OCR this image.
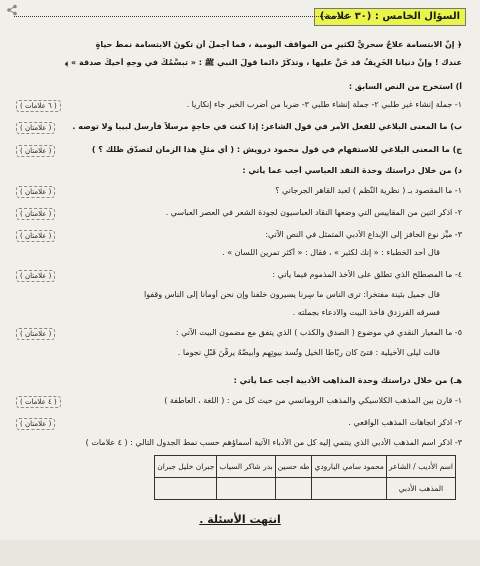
السؤال الخامس : (٣٠ علامة)
﴿ إنَّ الابتسامة علاجٌ سحريٌّ لكثيرٍ من المواقف اليومية ، فما أجملَ أن تكونَ الابتسامة نمطَ حياةٍ
عندك ! وإنْ دنيانا الخَرِيفُ قد حَنَّ عليها ، وتذكَّرْ دائماً قولَ النبي ﷺ : « تبسُّمُكَ في وجهِ أخيكَ صدقة » ﴾
أ) استخرج من النص السابق :
١- جملة إنشاء غير طلبي ٢- جملة إنشاء طلبي ٣- ضرباً من أضرب الخبر جاء إنكارياً .
( ٦ علامات )
ب) ما المعنى البلاغي للفعل الأمر في قول الشاعر: إذا كنت في حاجةٍ مرسلاً فأرسل لبيباً ولا توصه .
( علامتان )
ج) ما المعنى البلاغي للاستفهام في قول محمود درويش : ( أي مثلٍ هذا الزمان لتصدّق ظلّك ؟ )
( علامتان )
د) من خلال دراستك وحدة النقد العباسي أجب عما يأتي :
١- ما المقصود بـ ( نظرية النَّظْم ) لعبد القاهر الجرجاني ؟
( علامتان )
٢- اذكر اثنين من المقاييس التي وضعها النقاد العباسيون لجودة الشعر في العصر العباسي .
( علامتان )
٣- ميِّز نوع الحافز إلى الإبداع الأدبي المتمثل في النص الآتي:
( علامتان )
قال أحد الخطباء : « إنك لكثير » ، فقال : « أكثر تمرين اللسان » .
٤- ما المصطلح الذي تطلق على الأخذ المذموم فيما يأتي :
( علامتان )
قال جميل بثينة مفتخراً: ترى الناس ما سِرنا يسيرون خلفنا وإن نحن أومأنا إلى الناس وقفوا
فسرقه الفرزدق فأخذ البيت والادعاء بجملته .
٥- ما المعيار النقدي في موضوع ( الصدق والكذب ) الذي يتفق مع مضمون البيت الآتي :
( علامتان )
قالت ليلى الأخيلية : فتىً كان ربّاطاً الخيل وتُسد بيوتِهِم وأبيضّهُ يرقّنَ قَبْلِ نجوما .
هـ) من خلال دراستك وحدة المذاهب الأدبية أجب عما يأتي :
١- قارن بين المذهب الكلاسيكي والمذهب الرومانسي من حيث كل من : ( اللغة ، العاطفة )
( ٤ علامات )
٢- اذكر اتجاهات المذهب الواقعي .
( علامتان )
٣- اذكر اسم المذهب الأدبي الذي ينتمي إليه كل من الأدباء الآتية أسماؤهم حسب نمط الجدول التالي : ( ٤ علامات )
اسم الأديب / الشاعر	محمود سامي البارودي	طه حسين	بدر شاكر السياب	جبران خليل جبران
المذهب الأدبي				
انتهت الأسئلة .
